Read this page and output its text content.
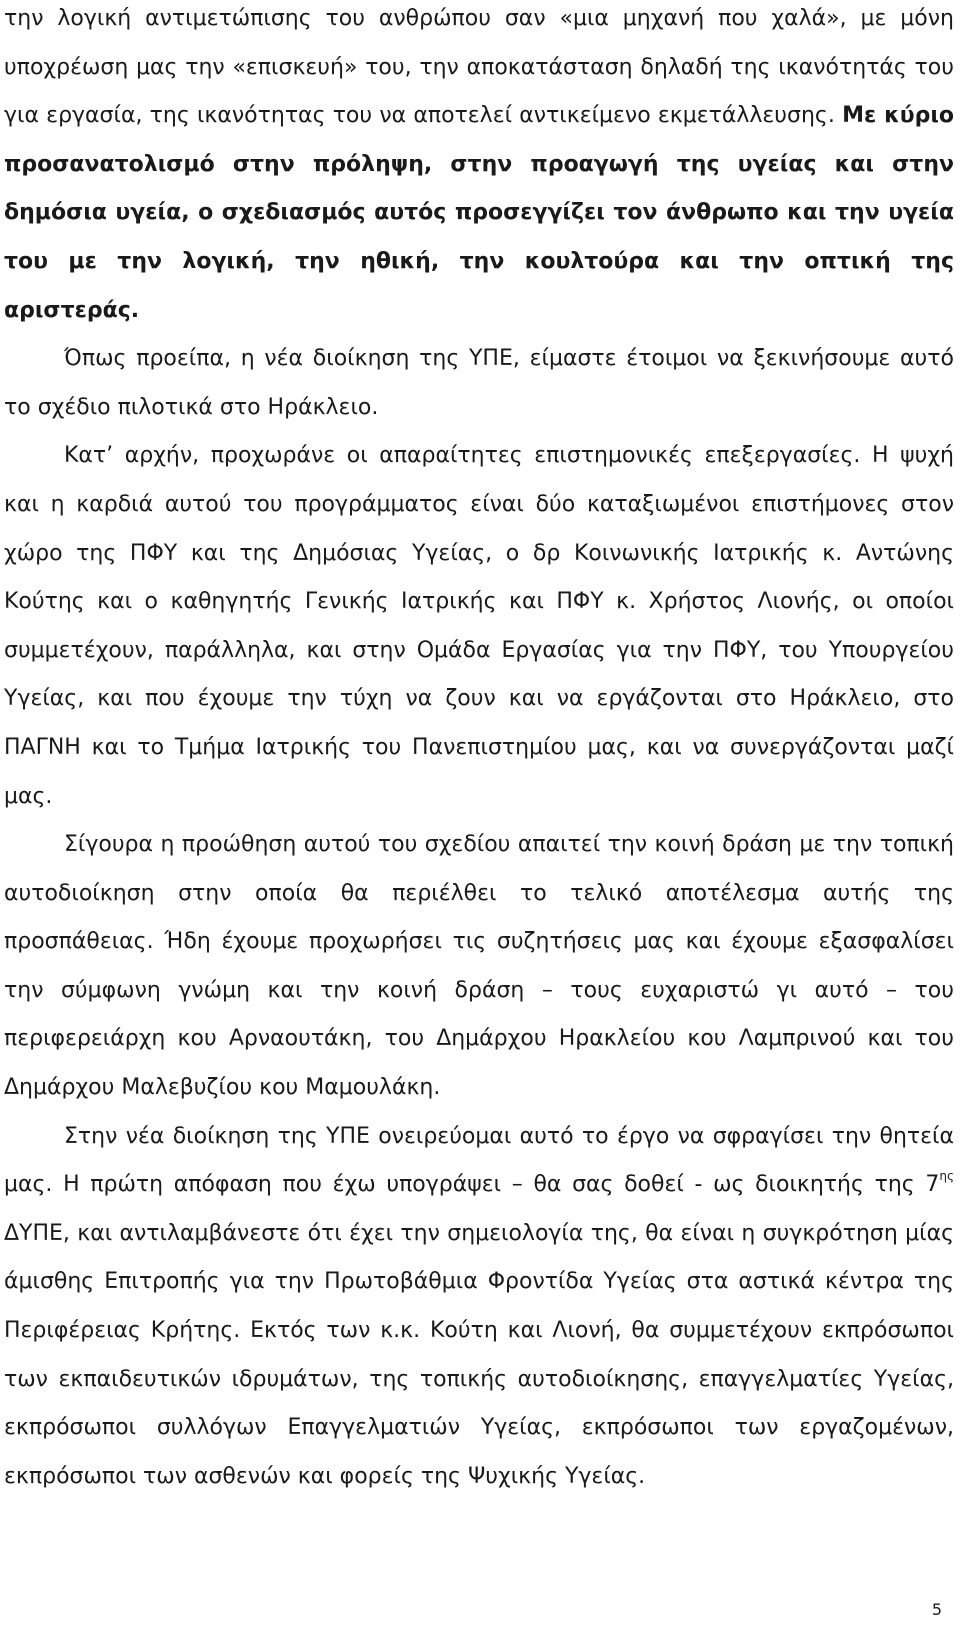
την λογική αντιμετώπισης του ανθρώπου σαν «μια μηχανή που χαλά», με μόνη υποχρέωση μας την «επισκευή» του, την αποκατάσταση δηλαδή της ικανότητάς του για εργασία, της ικανότητας του να αποτελεί αντικείμενο εκμετάλλευσης. Με κύριο προσανατολισμό στην πρόληψη, στην προαγωγή της υγείας και στην δημόσια υγεία, ο σχεδιασμός αυτός προσεγγίζει τον άνθρωπο και την υγεία του με την λογική, την ηθική, την κουλτούρα και την οπτική της αριστεράς.

Όπως προείπα, η νέα διοίκηση της ΥΠΕ, είμαστε έτοιμοι να ξεκινήσουμε αυτό το σχέδιο πιλοτικά στο Ηράκλειο.

Κατ’ αρχήν, προχωράνε οι απαραίτητες επιστημονικές επεξεργασίες. Η ψυχή και η καρδιά αυτού του προγράμματος είναι δύο καταξιωμένοι επιστήμονες στον χώρο της ΠΦΥ και της Δημόσιας Υγείας, ο δρ Κοινωνικής Ιατρικής κ. Αντώνης Κούτης και ο καθηγητής Γενικής Ιατρικής και ΠΦΥ κ. Χρήστος Λιονής, οι οποίοι συμμετέχουν, παράλληλα, και στην Ομάδα Εργασίας για την ΠΦΥ, του Υπουργείου Υγείας, και που έχουμε την τύχη να ζουν και να εργάζονται στο Ηράκλειο, στο ΠΑΓΝΗ και το Τμήμα Ιατρικής του Πανεπιστημίου μας, και να συνεργάζονται μαζί μας.

Σίγουρα η προώθηση αυτού του σχεδίου απαιτεί την κοινή δράση με την τοπική αυτοδιοίκηση στην οποία θα περιέλθει το τελικό αποτέλεσμα αυτής της προσπάθειας. Ήδη έχουμε προχωρήσει τις συζητήσεις μας και έχουμε εξασφαλίσει την σύμφωνη γνώμη και την κοινή δράση – τους ευχαριστώ γι αυτό – του περιφερειάρχη κου Αρναουτάκη, του Δημάρχου Ηρακλείου κου Λαμπρινού και του Δημάρχου Μαλεβυζίου κου Μαμουλάκη.

Στην νέα διοίκηση της ΥΠΕ ονειρεύομαι αυτό το έργο να σφραγίσει την θητεία μας. Η πρώτη απόφαση που έχω υπογράψει – θα σας δοθεί - ως διοικητής της $7^{\eta\varsigma}$ ΔΥΠΕ, και αντιλαμβάνεστε ότι έχει την σημειολογία της, θα είναι η συγκρότηση μίας άμισθης Επιτροπής για την Πρωτοβάθμια Φροντίδα Υγείας στα αστικά κέντρα της Περιφέρειας Κρήτης. Εκτός των κ.κ. Κούτη και Λιονή, θα συμμετέχουν εκπρόσωποι των εκπαιδευτικών ιδρυμάτων, της τοπικής αυτοδιοίκησης, επαγγελματίες Υγείας, εκπρόσωποι συλλόγων Επαγγελματιών Υγείας, εκπρόσωποι των εργαζομένων, εκπρόσωποι των ασθενών και φορείς της Ψυχικής Υγείας.

5
